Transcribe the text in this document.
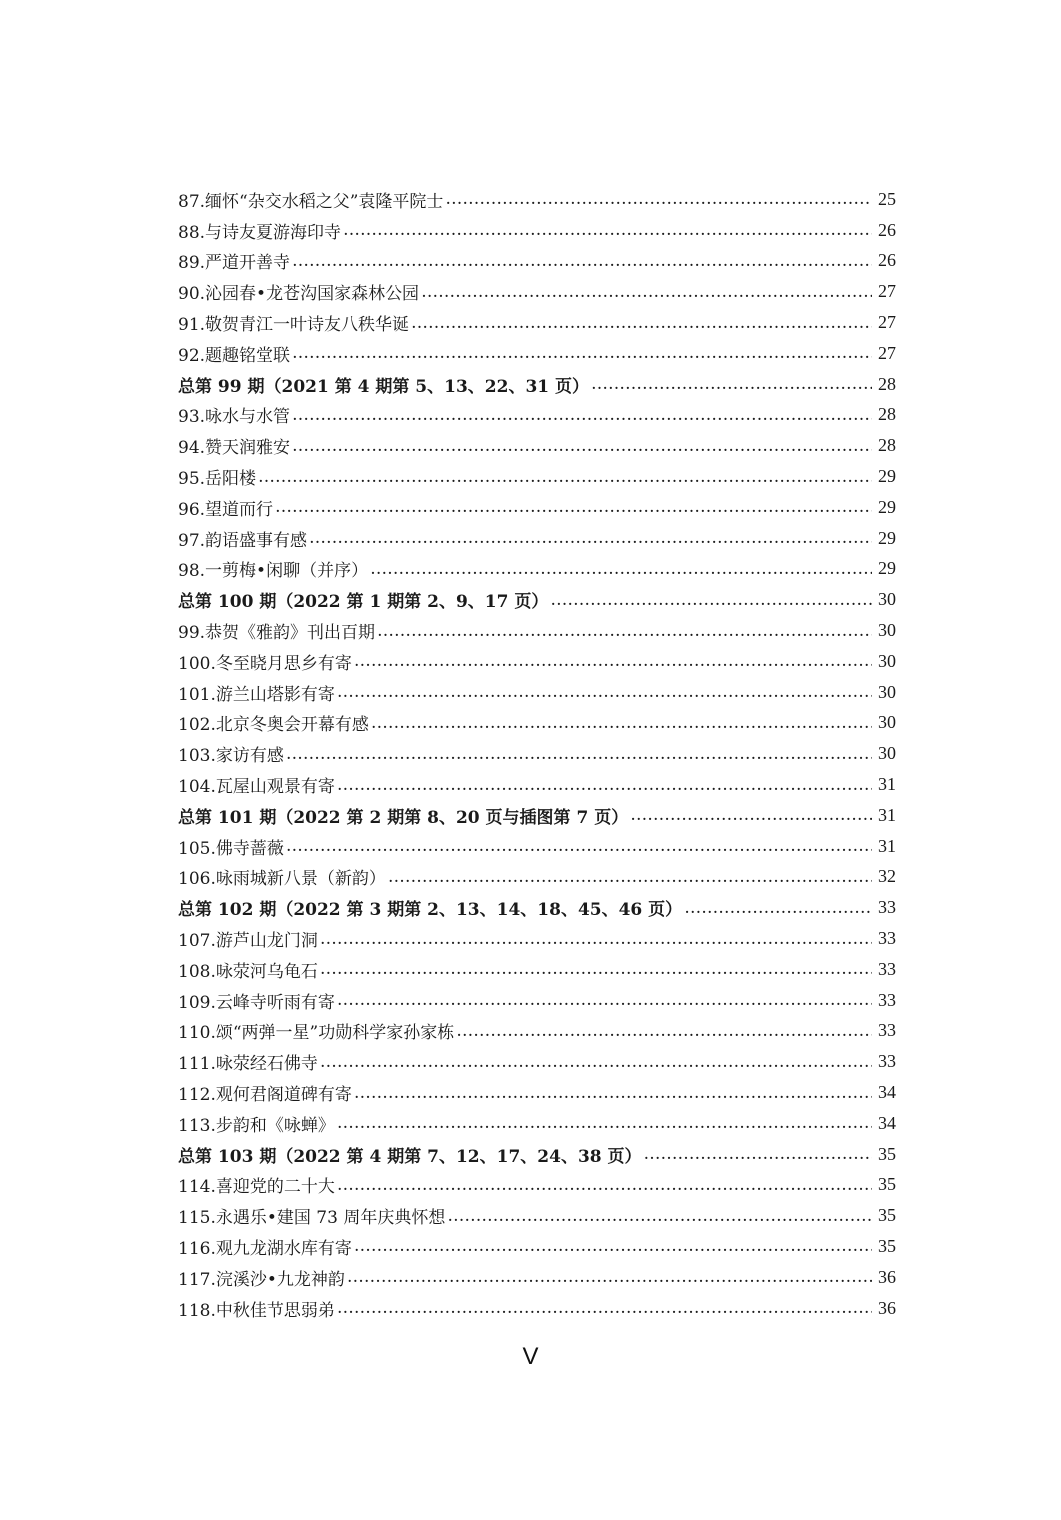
87.缅怀“杂交水稻之父”袁隆平院士 …………………………………………………………………………………………………………………………………………………………………………………………	25
88.与诗友夏游海印寺 …………………………………………………………………………………………………………………………………………………………………………………………	26
89.严道开善寺 …………………………………………………………………………………………………………………………………………………………………………………………	26
90.沁园春•龙苍沟国家森林公园 …………………………………………………………………………………………………………………………………………………………………………………………	27
91.敬贺青江一叶诗友八秩华诞 …………………………………………………………………………………………………………………………………………………………………………………………	27
92.题趣铭堂联 …………………………………………………………………………………………………………………………………………………………………………………………	27
总第 99 期（2021 第 4 期第 5、13、22、31 页） …………………………………………………………………………………………………………………………………………………………………………………………	28
93.咏水与水管 …………………………………………………………………………………………………………………………………………………………………………………………	28
94.赞天润雅安 …………………………………………………………………………………………………………………………………………………………………………………………	28
95.岳阳楼 …………………………………………………………………………………………………………………………………………………………………………………………	29
96.望道而行 …………………………………………………………………………………………………………………………………………………………………………………………	29
97.韵语盛事有感 …………………………………………………………………………………………………………………………………………………………………………………………	29
98.一剪梅•闲聊（并序） …………………………………………………………………………………………………………………………………………………………………………………………	29
总第 100 期（2022 第 1 期第 2、9、17 页） …………………………………………………………………………………………………………………………………………………………………………………………	30
99.恭贺《雅韵》刊出百期 …………………………………………………………………………………………………………………………………………………………………………………………	30
100.冬至晓月思乡有寄 …………………………………………………………………………………………………………………………………………………………………………………………	30
101.游兰山塔影有寄 …………………………………………………………………………………………………………………………………………………………………………………………	30
102.北京冬奥会开幕有感 …………………………………………………………………………………………………………………………………………………………………………………………	30
103.家访有感 …………………………………………………………………………………………………………………………………………………………………………………………	30
104.瓦屋山观景有寄 …………………………………………………………………………………………………………………………………………………………………………………………	31
总第 101 期（2022 第 2 期第 8、20 页与插图第 7 页） …………………………………………………………………………………………………………………………………………………………………………………………	31
105.佛寺蔷薇 …………………………………………………………………………………………………………………………………………………………………………………………	31
106.咏雨城新八景（新韵） …………………………………………………………………………………………………………………………………………………………………………………………	32
总第 102 期（2022 第 3 期第 2、13、14、18、45、46 页） …………………………………………………………………………………………………………………………………………………………………………………………	33
107.游芦山龙门洞 …………………………………………………………………………………………………………………………………………………………………………………………	33
108.咏荥河乌龟石 …………………………………………………………………………………………………………………………………………………………………………………………	33
109.云峰寺听雨有寄 …………………………………………………………………………………………………………………………………………………………………………………………	33
110.颂“两弹一星”功勋科学家孙家栋 …………………………………………………………………………………………………………………………………………………………………………………………	33
111.咏荥经石佛寺 …………………………………………………………………………………………………………………………………………………………………………………………	33
112.观何君阁道碑有寄 …………………………………………………………………………………………………………………………………………………………………………………………	34
113.步韵和《咏蝉》 …………………………………………………………………………………………………………………………………………………………………………………………	34
总第 103 期（2022 第 4 期第 7、12、17、24、38 页） …………………………………………………………………………………………………………………………………………………………………………………………	35
114.喜迎党的二十大 …………………………………………………………………………………………………………………………………………………………………………………………	35
115.永遇乐•建国 73 周年庆典怀想 …………………………………………………………………………………………………………………………………………………………………………………………	35
116.观九龙湖水库有寄 …………………………………………………………………………………………………………………………………………………………………………………………	35
117.浣溪沙•九龙神韵 …………………………………………………………………………………………………………………………………………………………………………………………	36
118.中秋佳节思弱弟 …………………………………………………………………………………………………………………………………………………………………………………………	36
V
